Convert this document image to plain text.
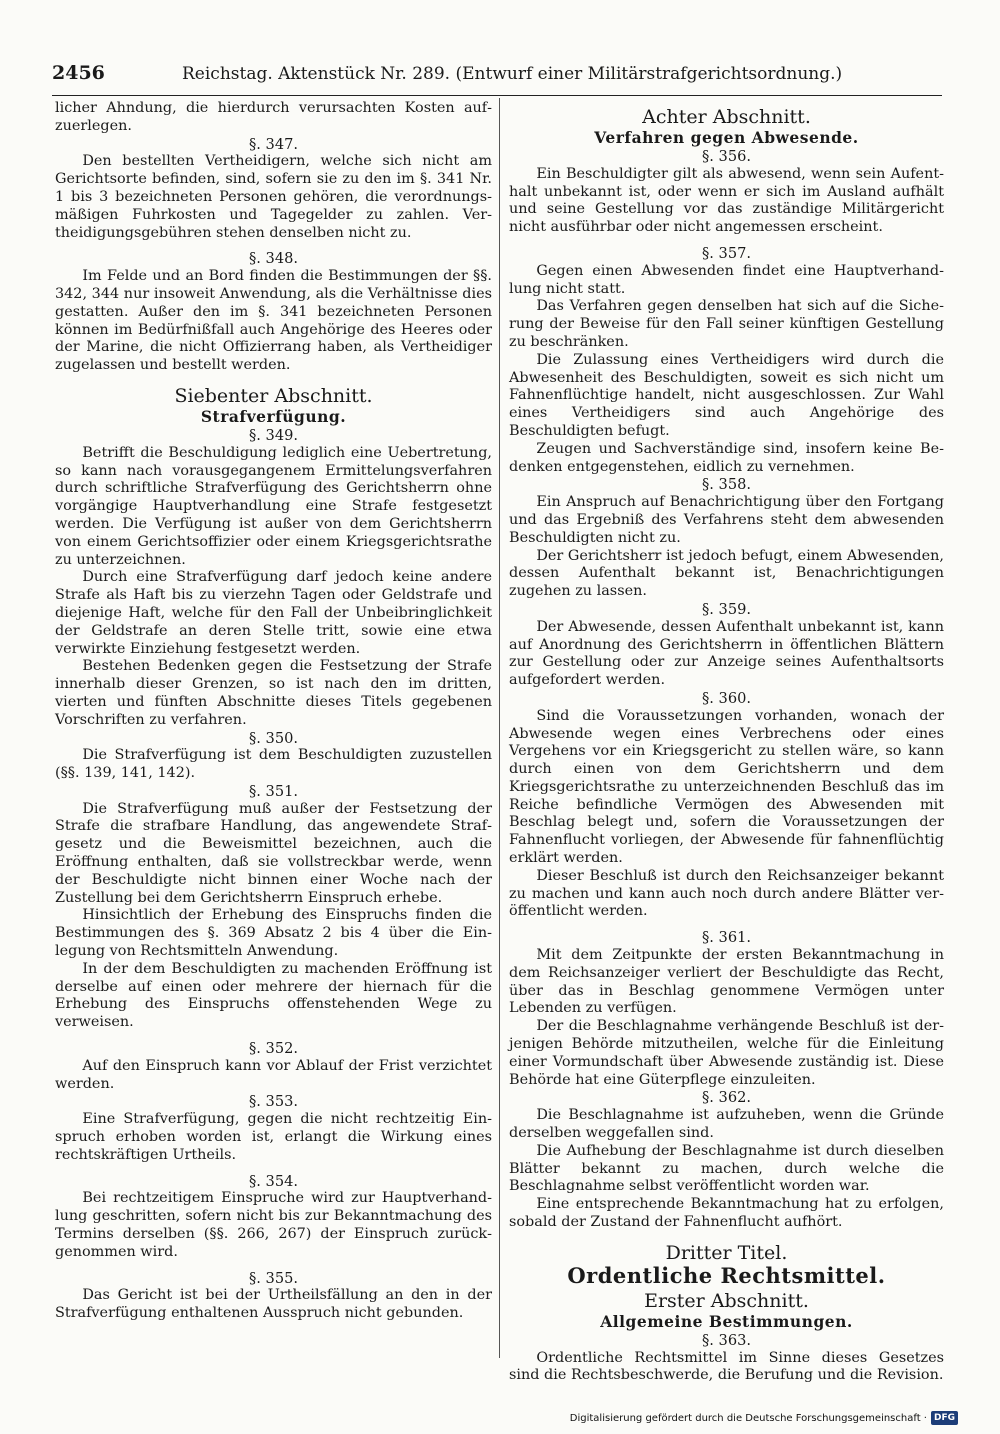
2456	Reichstag. Aktenstück Nr. 289. (Entwurf einer Militärstrafgerichtsordnung.)

licher Ahndung, die hierdurch verursachten Kosten aufzuerlegen.

§. 347.

Den bestellten Vertheidigern, welche sich nicht am Gerichtsorte befinden, sind, sofern sie zu den im §. 341 Nr. 1 bis 3 bezeichneten Personen gehören, die verordnungsmäßigen Fuhrkosten und Tagegelder zu zahlen. Vertheidigungsgebühren stehen denselben nicht zu.

§. 348.

Im Felde und an Bord finden die Bestimmungen der §§. 342, 344 nur insoweit Anwendung, als die Verhältnisse dies gestatten. Außer den im §. 341 bezeichneten Personen können im Bedürfnißfall auch Angehörige des Heeres oder der Marine, die nicht Offizierrang haben, als Vertheidiger zugelassen und bestellt werden.

Siebenter Abschnitt.
Strafverfügung.
§. 349.

Betrifft die Beschuldigung lediglich eine Uebertretung, so kann nach vorausgegangenem Ermittelungsverfahren durch schriftliche Strafverfügung des Gerichtsherrn ohne vorgängige Hauptverhandlung eine Strafe festgesetzt werden. Die Verfügung ist außer von dem Gerichtsherrn von einem Gerichtsoffizier oder einem Kriegsgerichtsrathe zu unterzeichnen.

Durch eine Strafverfügung darf jedoch keine andere Strafe als Haft bis zu vierzehn Tagen oder Geldstrafe und diejenige Haft, welche für den Fall der Unbeibringlichkeit der Geldstrafe an deren Stelle tritt, sowie eine etwa verwirkte Einziehung festgesetzt werden.

Bestehen Bedenken gegen die Festsetzung der Strafe innerhalb dieser Grenzen, so ist nach den im dritten, vierten und fünften Abschnitte dieses Titels gegebenen Vorschriften zu verfahren.

§. 350.

Die Strafverfügung ist dem Beschuldigten zuzustellen (§§. 139, 141, 142).

§. 351.

Die Strafverfügung muß außer der Festsetzung der Strafe die strafbare Handlung, das angewendete Strafgesetz und die Beweismittel bezeichnen, auch die Eröffnung enthalten, daß sie vollstreckbar werde, wenn der Beschuldigte nicht binnen einer Woche nach der Zustellung bei dem Gerichtsherrn Einspruch erhebe.

Hinsichtlich der Erhebung des Einspruchs finden die Bestimmungen des §. 369 Absatz 2 bis 4 über die Einlegung von Rechtsmitteln Anwendung.

In der dem Beschuldigten zu machenden Eröffnung ist derselbe auf einen oder mehrere der hiernach für die Erhebung des Einspruchs offenstehenden Wege zu verweisen.

§. 352.

Auf den Einspruch kann vor Ablauf der Frist verzichtet werden.

§. 353.

Eine Strafverfügung, gegen die nicht rechtzeitig Einspruch erhoben worden ist, erlangt die Wirkung eines rechtskräftigen Urtheils.

§. 354.

Bei rechtzeitigem Einspruche wird zur Hauptverhandlung geschritten, sofern nicht bis zur Bekanntmachung des Termins derselben (§§. 266, 267) der Einspruch zurückgenommen wird.

§. 355.

Das Gericht ist bei der Urtheilsfällung an den in der Strafverfügung enthaltenen Ausspruch nicht gebunden.

Achter Abschnitt.
Verfahren gegen Abwesende.
§. 356.

Ein Beschuldigter gilt als abwesend, wenn sein Aufenthalt unbekannt ist, oder wenn er sich im Ausland aufhält und seine Gestellung vor das zuständige Militärgericht nicht ausführbar oder nicht angemessen erscheint.

§. 357.

Gegen einen Abwesenden findet eine Hauptverhandlung nicht statt.

Das Verfahren gegen denselben hat sich auf die Sicherung der Beweise für den Fall seiner künftigen Gestellung zu beschränken.

Die Zulassung eines Vertheidigers wird durch die Abwesenheit des Beschuldigten, soweit es sich nicht um Fahnenflüchtige handelt, nicht ausgeschlossen. Zur Wahl eines Vertheidigers sind auch Angehörige des Beschuldigten befugt.

Zeugen und Sachverständige sind, insofern keine Bedenken entgegenstehen, eidlich zu vernehmen.

§. 358.

Ein Anspruch auf Benachrichtigung über den Fortgang und das Ergebniß des Verfahrens steht dem abwesenden Beschuldigten nicht zu.

Der Gerichtsherr ist jedoch befugt, einem Abwesenden, dessen Aufenthalt bekannt ist, Benachrichtigungen zugehen zu lassen.

§. 359.

Der Abwesende, dessen Aufenthalt unbekannt ist, kann auf Anordnung des Gerichtsherrn in öffentlichen Blättern zur Gestellung oder zur Anzeige seines Aufenthaltsorts aufgefordert werden.

§. 360.

Sind die Voraussetzungen vorhanden, wonach der Abwesende wegen eines Verbrechens oder eines Vergehens vor ein Kriegsgericht zu stellen wäre, so kann durch einen von dem Gerichtsherrn und dem Kriegsgerichtsrathe zu unterzeichnenden Beschluß das im Reiche befindliche Vermögen des Abwesenden mit Beschlag belegt und, sofern die Voraussetzungen der Fahnenflucht vorliegen, der Abwesende für fahnenflüchtig erklärt werden.

Dieser Beschluß ist durch den Reichsanzeiger bekannt zu machen und kann auch noch durch andere Blätter veröffentlicht werden.

§. 361.

Mit dem Zeitpunkte der ersten Bekanntmachung in dem Reichsanzeiger verliert der Beschuldigte das Recht, über das in Beschlag genommene Vermögen unter Lebenden zu verfügen.

Der die Beschlagnahme verhängende Beschluß ist derjenigen Behörde mitzutheilen, welche für die Einleitung einer Vormundschaft über Abwesende zuständig ist. Diese Behörde hat eine Güterpflege einzuleiten.

§. 362.

Die Beschlagnahme ist aufzuheben, wenn die Gründe derselben weggefallen sind.

Die Aufhebung der Beschlagnahme ist durch dieselben Blätter bekannt zu machen, durch welche die Beschlagnahme selbst veröffentlicht worden war.

Eine entsprechende Bekanntmachung hat zu erfolgen, sobald der Zustand der Fahnenflucht aufhört.

Dritter Titel.
Ordentliche Rechtsmittel.
Erster Abschnitt.
Allgemeine Bestimmungen.
§. 363.

Ordentliche Rechtsmittel im Sinne dieses Gesetzes sind die Rechtsbeschwerde, die Berufung und die Revision.

Digitalisierung gefördert durch die Deutsche Forschungsgemeinschaft · DFG
